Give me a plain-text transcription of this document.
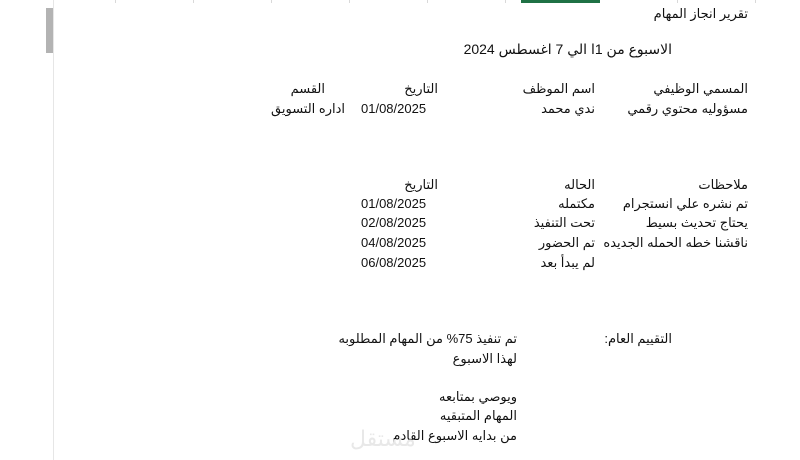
تقرير انجاز المهام
الاسبوع من 1ا الي 7 اغسطس 2024
المسمي الوظيفي
اسم الموظف
التاريخ
القسم
مسؤوليه محتوي رقمي
ندي محمد
01/08/2025
اداره التسويق
ملاحظات
الحاله
التاريخ
تم نشره علي انستجرام
مكتمله
01/08/2025
يحتاج تحديث بسيط
تحت التنفيذ
02/08/2025
ناقشنا خطه الحمله الجديده
تم الحضور
04/08/2025
لم يبدأ بعد
06/08/2025
التقييم العام:
تم تنفيذ 75% من المهام المطلوبه
لهذا الاسبوع
ويوصي بمتابعه
المهام المتبقيه
من بدايه الاسبوع القادم
مستقل
